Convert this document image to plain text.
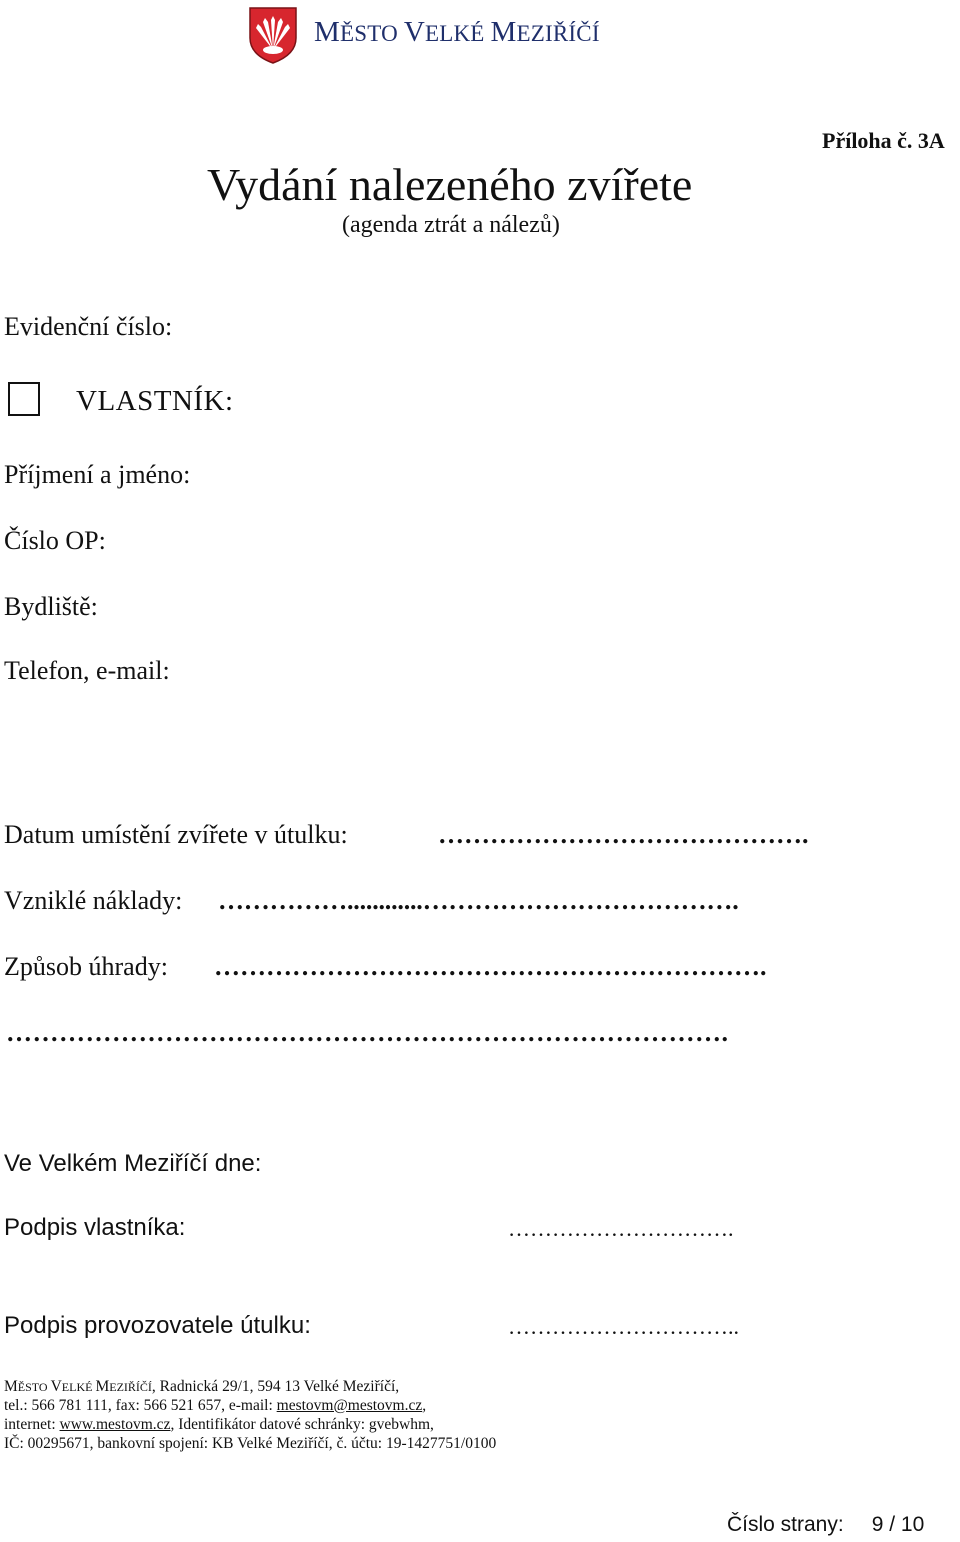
MĚSTO VELKÉ MEZIŘÍČÍ
Příloha č. 3A
Vydání nalezeného zvířete
(agenda ztrát a nálezů)
Evidenční číslo:
VLASTNÍK:
Příjmení a jméno:
Číslo OP:
Bydliště:
Telefon, e-mail:
Datum umístění zvířete v útulku:	…………………………………….
Vzniklé náklady: ……………............……………………………….
Způsob úhrady: ……………………………………………………….
……………………………………………………………………….
Ve Velkém Meziříčí dne:
Podpis vlastníka:	………………………….
Podpis provozovatele útulku:	…………………………..
MĚSTO VELKÉ MEZIŘÍČÍ, Radnická 29/1, 594 13 Velké Meziříčí,
tel.: 566 781 111, fax: 566 521 657, e-mail: mestovm@mestovm.cz,
internet: www.mestovm.cz, Identifikátor datové schránky: gvebwhm,
IČ: 00295671, bankovní spojení: KB Velké Meziříčí, č. účtu: 19-1427751/0100
Číslo strany: 9 / 10
